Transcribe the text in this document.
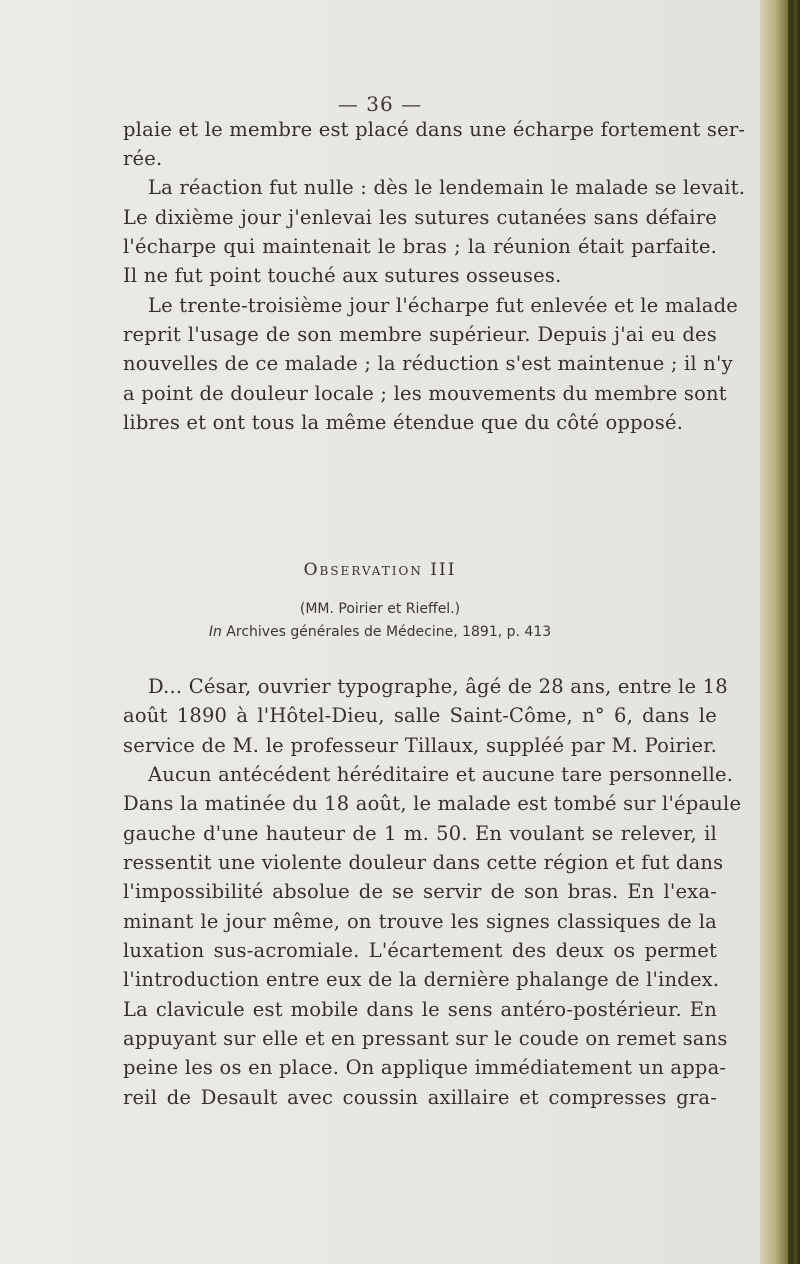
— 36 —
plaie et le membre est placé dans une écharpe fortement ser-
rée.
La réaction fut nulle : dès le lendemain le malade se levait.
Le dixième jour j'enlevai les sutures cutanées sans défaire
l'écharpe qui maintenait le bras ; la réunion était parfaite.
Il ne fut point touché aux sutures osseuses.
Le trente-troisième jour l'écharpe fut enlevée et le malade
reprit l'usage de son membre supérieur. Depuis j'ai eu des
nouvelles de ce malade ; la réduction s'est maintenue ; il n'y
a point de douleur locale ; les mouvements du membre sont
libres et ont tous la même étendue que du côté opposé.
Observation III
(MM. Poirier et Rieffel.)
In Archives générales de Médecine, 1891, p. 413
D... César, ouvrier typographe, âgé de 28 ans, entre le 18
août 1890 à l'Hôtel-Dieu, salle Saint-Côme, n° 6, dans le
service de M. le professeur Tillaux, suppléé par M. Poirier.
Aucun antécédent héréditaire et aucune tare personnelle.
Dans la matinée du 18 août, le malade est tombé sur l'épaule
gauche d'une hauteur de 1 m. 50. En voulant se relever, il
ressentit une violente douleur dans cette région et fut dans
l'impossibilité absolue de se servir de son bras. En l'exa-
minant le jour même, on trouve les signes classiques de la
luxation sus-acromiale. L'écartement des deux os permet
l'introduction entre eux de la dernière phalange de l'index.
La clavicule est mobile dans le sens antéro-postérieur. En
appuyant sur elle et en pressant sur le coude on remet sans
peine les os en place. On applique immédiatement un appa-
reil de Desault avec coussin axillaire et compresses gra-
